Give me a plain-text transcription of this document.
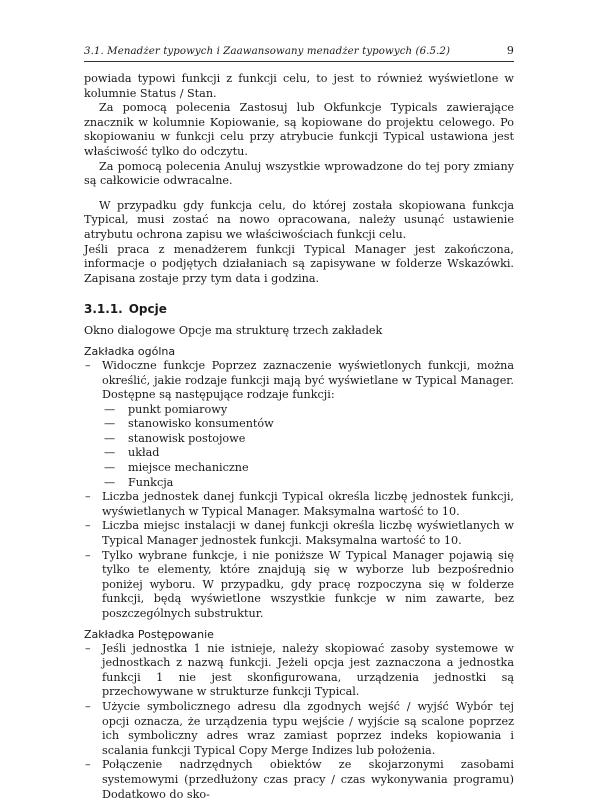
3.1. Menadżer typowych i Zaawansowany menadżer typowych (6.5.2)	9

powiada typowi funkcji z funkcji celu, to jest to również wyświetlone w kolumnie Status / Stan.

Za pomocą polecenia Zastosuj lub Okfunkcje Typicals zawierające znacznik w kolumnie Kopiowanie, są kopiowane do projektu celowego. Po skopiowaniu w funkcji celu przy atrybucie funkcji Typical ustawiona jest właściwość tylko do odczytu.

Za pomocą polecenia Anuluj wszystkie wprowadzone do tej pory zmiany są całkowicie odwracalne.

W przypadku gdy funkcja celu, do której została skopiowana funkcja Typical, musi zostać na nowo opracowana, należy usunąć ustawienie atrybutu ochrona zapisu we właściwościach funkcji celu.

Jeśli praca z menadżerem funkcji Typical Manager jest zakończona, informacje o podjętych działaniach są zapisywane w folderze Wskazówki. Zapisana zostaje przy tym data i godzina.

3.1.1. Opcje

Okno dialogowe Opcje ma strukturę trzech zakładek

Zakładka ogólna
– Widoczne funkcje Poprzez zaznaczenie wyświetlonych funkcji, można określić, jakie rodzaje funkcji mają być wyświetlane w Typical Manager. Dostępne są następujące rodzaje funkcji:
— punkt pomiarowy
— stanowisko konsumentów
— stanowisk postojowe
— układ
— miejsce mechaniczne
— Funkcja
– Liczba jednostek danej funkcji Typical określa liczbę jednostek funkcji, wyświetlanych w Typical Manager. Maksymalna wartość to 10.
– Liczba miejsc instalacji w danej funkcji określa liczbę wyświetlanych w Typical Manager jednostek funkcji. Maksymalna wartość to 10.
– Tylko wybrane funkcje, i nie poniższe W Typical Manager pojawią się tylko te elementy, które znajdują się w wyborze lub bezpośrednio poniżej wyboru. W przypadku, gdy pracę rozpoczyna się w folderze funkcji, będą wyświetlone wszystkie funkcje w nim zawarte, bez poszczególnych substruktur.
Zakładka Postępowanie
– Jeśli jednostka 1 nie istnieje, należy skopiować zasoby systemowe w jednostkach z nazwą funkcji. Jeżeli opcja jest zaznaczona a jednostka funkcji 1 nie jest skonfigurowana, urządzenia jednostki są przechowywane w strukturze funkcji Typical.
– Użycie symbolicznego adresu dla zgodnych wejść / wyjść Wybór tej opcji oznacza, że urządzenia typu wejście / wyjście są scalone poprzez ich symboliczny adres wraz zamiast poprzez indeks kopiowania i scalania funkcji Typical Copy Merge Indizes lub położenia.
– Połączenie nadrzędnych obiektów ze skojarzonymi zasobami systemowymi (przedłużony czas pracy / czas wykonywania programu) Dodatkowo do sko-
